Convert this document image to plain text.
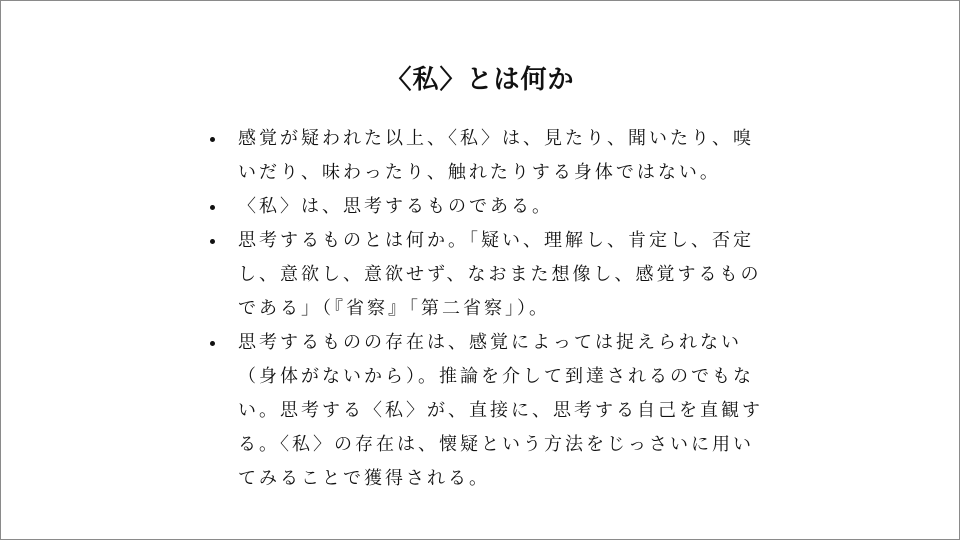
〈私〉とは何か
感覚が疑われた以上、〈私〉は、見たり、聞いたり、嗅いだり、味わったり、触れたりする身体ではない。
〈私〉は、思考するものである。
思考するものとは何か。「疑い、理解し、肯定し、否定し、意欲し、意欲せず、なおまた想像し、感覚するものである」（『省察』「第二省察」）。
思考するものの存在は、感覚によっては捉えられない（身体がないから）。推論を介して到達されるのでもない。思考する〈私〉が、直接に、思考する自己を直観する。〈私〉の存在は、懐疑という方法をじっさいに用いてみることで獲得される。
